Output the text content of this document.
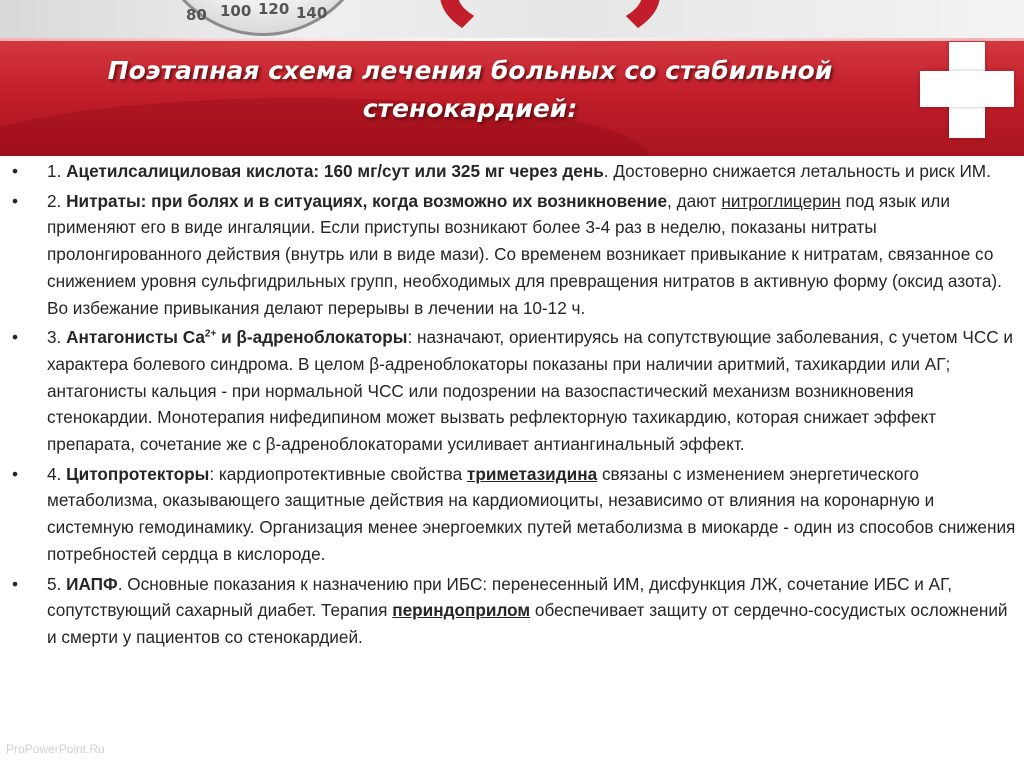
80 100 120 140
Поэтапная схема лечения больных со стабильной
стенокардией:
• 1. Ацетилсалициловая кислота: 160 мг/сут или 325 мг через день. Достоверно снижается летальность и риск ИМ.
• 2. Нитраты: при болях и в ситуациях, когда возможно их возникновение, дают нитроглицерин под язык или применяют его в виде ингаляции. Если приступы возникают более 3-4 раз в неделю, показаны нитраты пролонгированного действия (внутрь или в виде мази). Со временем возникает привыкание к нитратам, связанное со снижением уровня сульфгидрильных групп, необходимых для превращения нитратов в активную форму (оксид азота). Во избежание привыкания делают перерывы в лечении на 10-12 ч.
• 3. Антагонисты $Са^{2+}$ и β-адреноблокаторы: назначают, ориентируясь на сопутствующие заболевания, с учетом ЧСС и характера болевого синдрома. В целом β-адреноблокаторы показаны при наличии аритмий, тахикардии или АГ; антагонисты кальция - при нормальной ЧСС или подозрении на вазоспастический механизм возникновения стенокардии. Монотерапия нифедипином может вызвать рефлекторную тахикардию, которая снижает эффект препарата, сочетание же с β-адреноблокаторами усиливает антиангинальный эффект.
• 4. Цитопротекторы: кардиопротективные свойства триметазидина связаны с изменением энергетического метаболизма, оказывающего защитные действия на кардиомиоциты, независимо от влияния на коронарную и системную гемодинамику. Организация менее энергоемких путей метаболизма в миокарде - один из способов снижения потребностей сердца в кислороде.
• 5. ИАПФ. Основные показания к назначению при ИБС: перенесенный ИМ, дисфункция ЛЖ, сочетание ИБС и АГ, сопутствующий сахарный диабет. Терапия периндоприлом обеспечивает защиту от сердечно-сосудистых осложнений и смерти у пациентов со стенокардией.
ProPowerPoint.Ru
